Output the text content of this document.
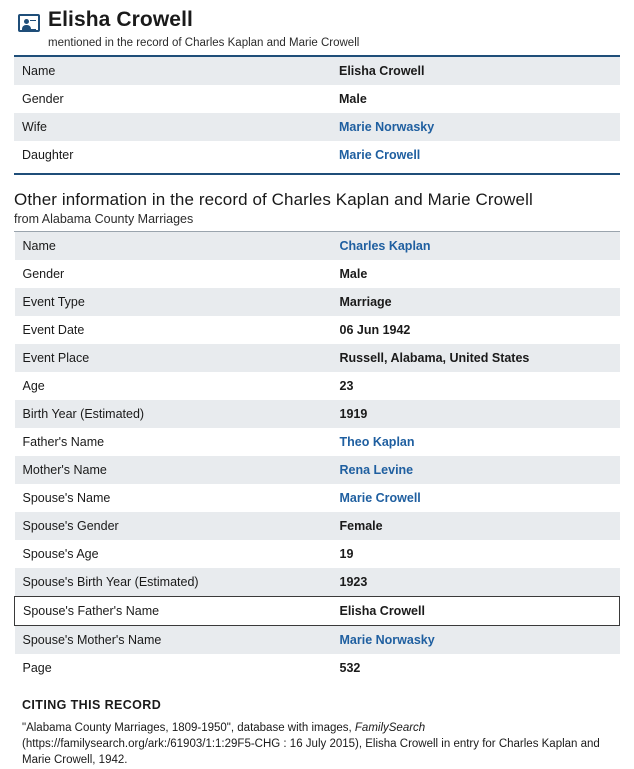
Elisha Crowell
mentioned in the record of Charles Kaplan and Marie Crowell
Name	Elisha Crowell
Gender	Male
Wife	Marie Norwasky
Daughter	Marie Crowell
Other information in the record of Charles Kaplan and Marie Crowell
from Alabama County Marriages
Name	Charles Kaplan
Gender	Male
Event Type	Marriage
Event Date	06 Jun 1942
Event Place	Russell, Alabama, United States
Age	23
Birth Year (Estimated)	1919
Father's Name	Theo Kaplan
Mother's Name	Rena Levine
Spouse's Name	Marie Crowell
Spouse's Gender	Female
Spouse's Age	19
Spouse's Birth Year (Estimated)	1923
Spouse's Father's Name	Elisha Crowell
Spouse's Mother's Name	Marie Norwasky
Page	532
CITING THIS RECORD
"Alabama County Marriages, 1809-1950", database with images, FamilySearch (https://familysearch.org/ark:/61903/1:1:29F5-CHG : 16 July 2015), Elisha Crowell in entry for Charles Kaplan and Marie Crowell, 1942.
